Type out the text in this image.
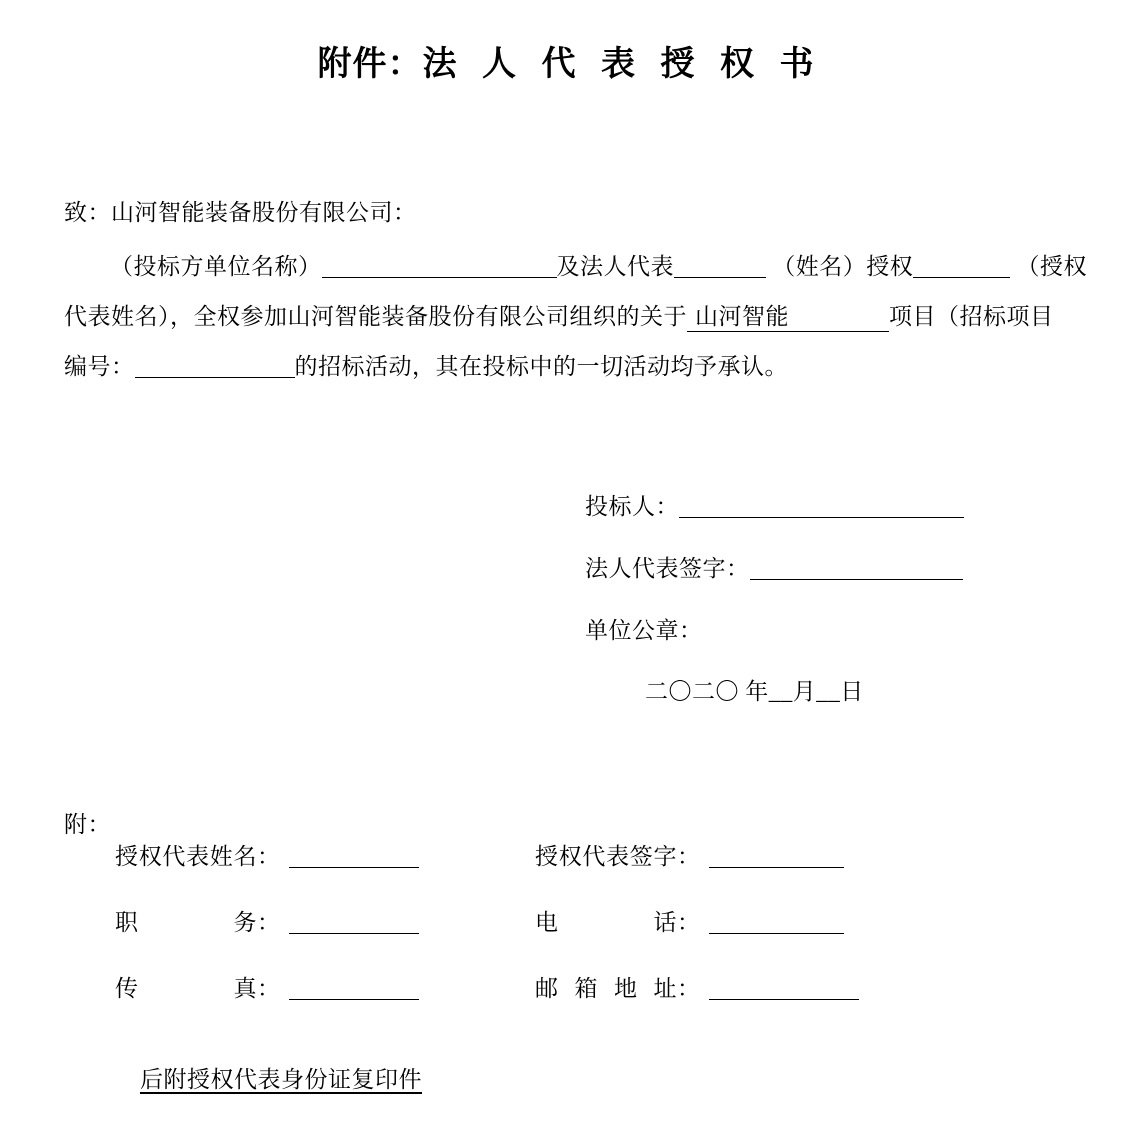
附件：法 人 代 表 授 权 书
致：山河智能装备股份有限公司：
（投标方单位名称）	及法人代表	（姓名）授权	（授权
代表姓名），全权参加山河智能装备股份有限公司组织的关于 山河智能	项目（招标项目
编号：	的招标活动，其在投标中的一切活动均予承认。
投标人：
法人代表签字：
单位公章：
二〇二〇 年__月__日
附：
授权代表姓名：	授权代表签字：
职务：	电话：
传真：	邮箱地址：
后附授权代表身份证复印件
